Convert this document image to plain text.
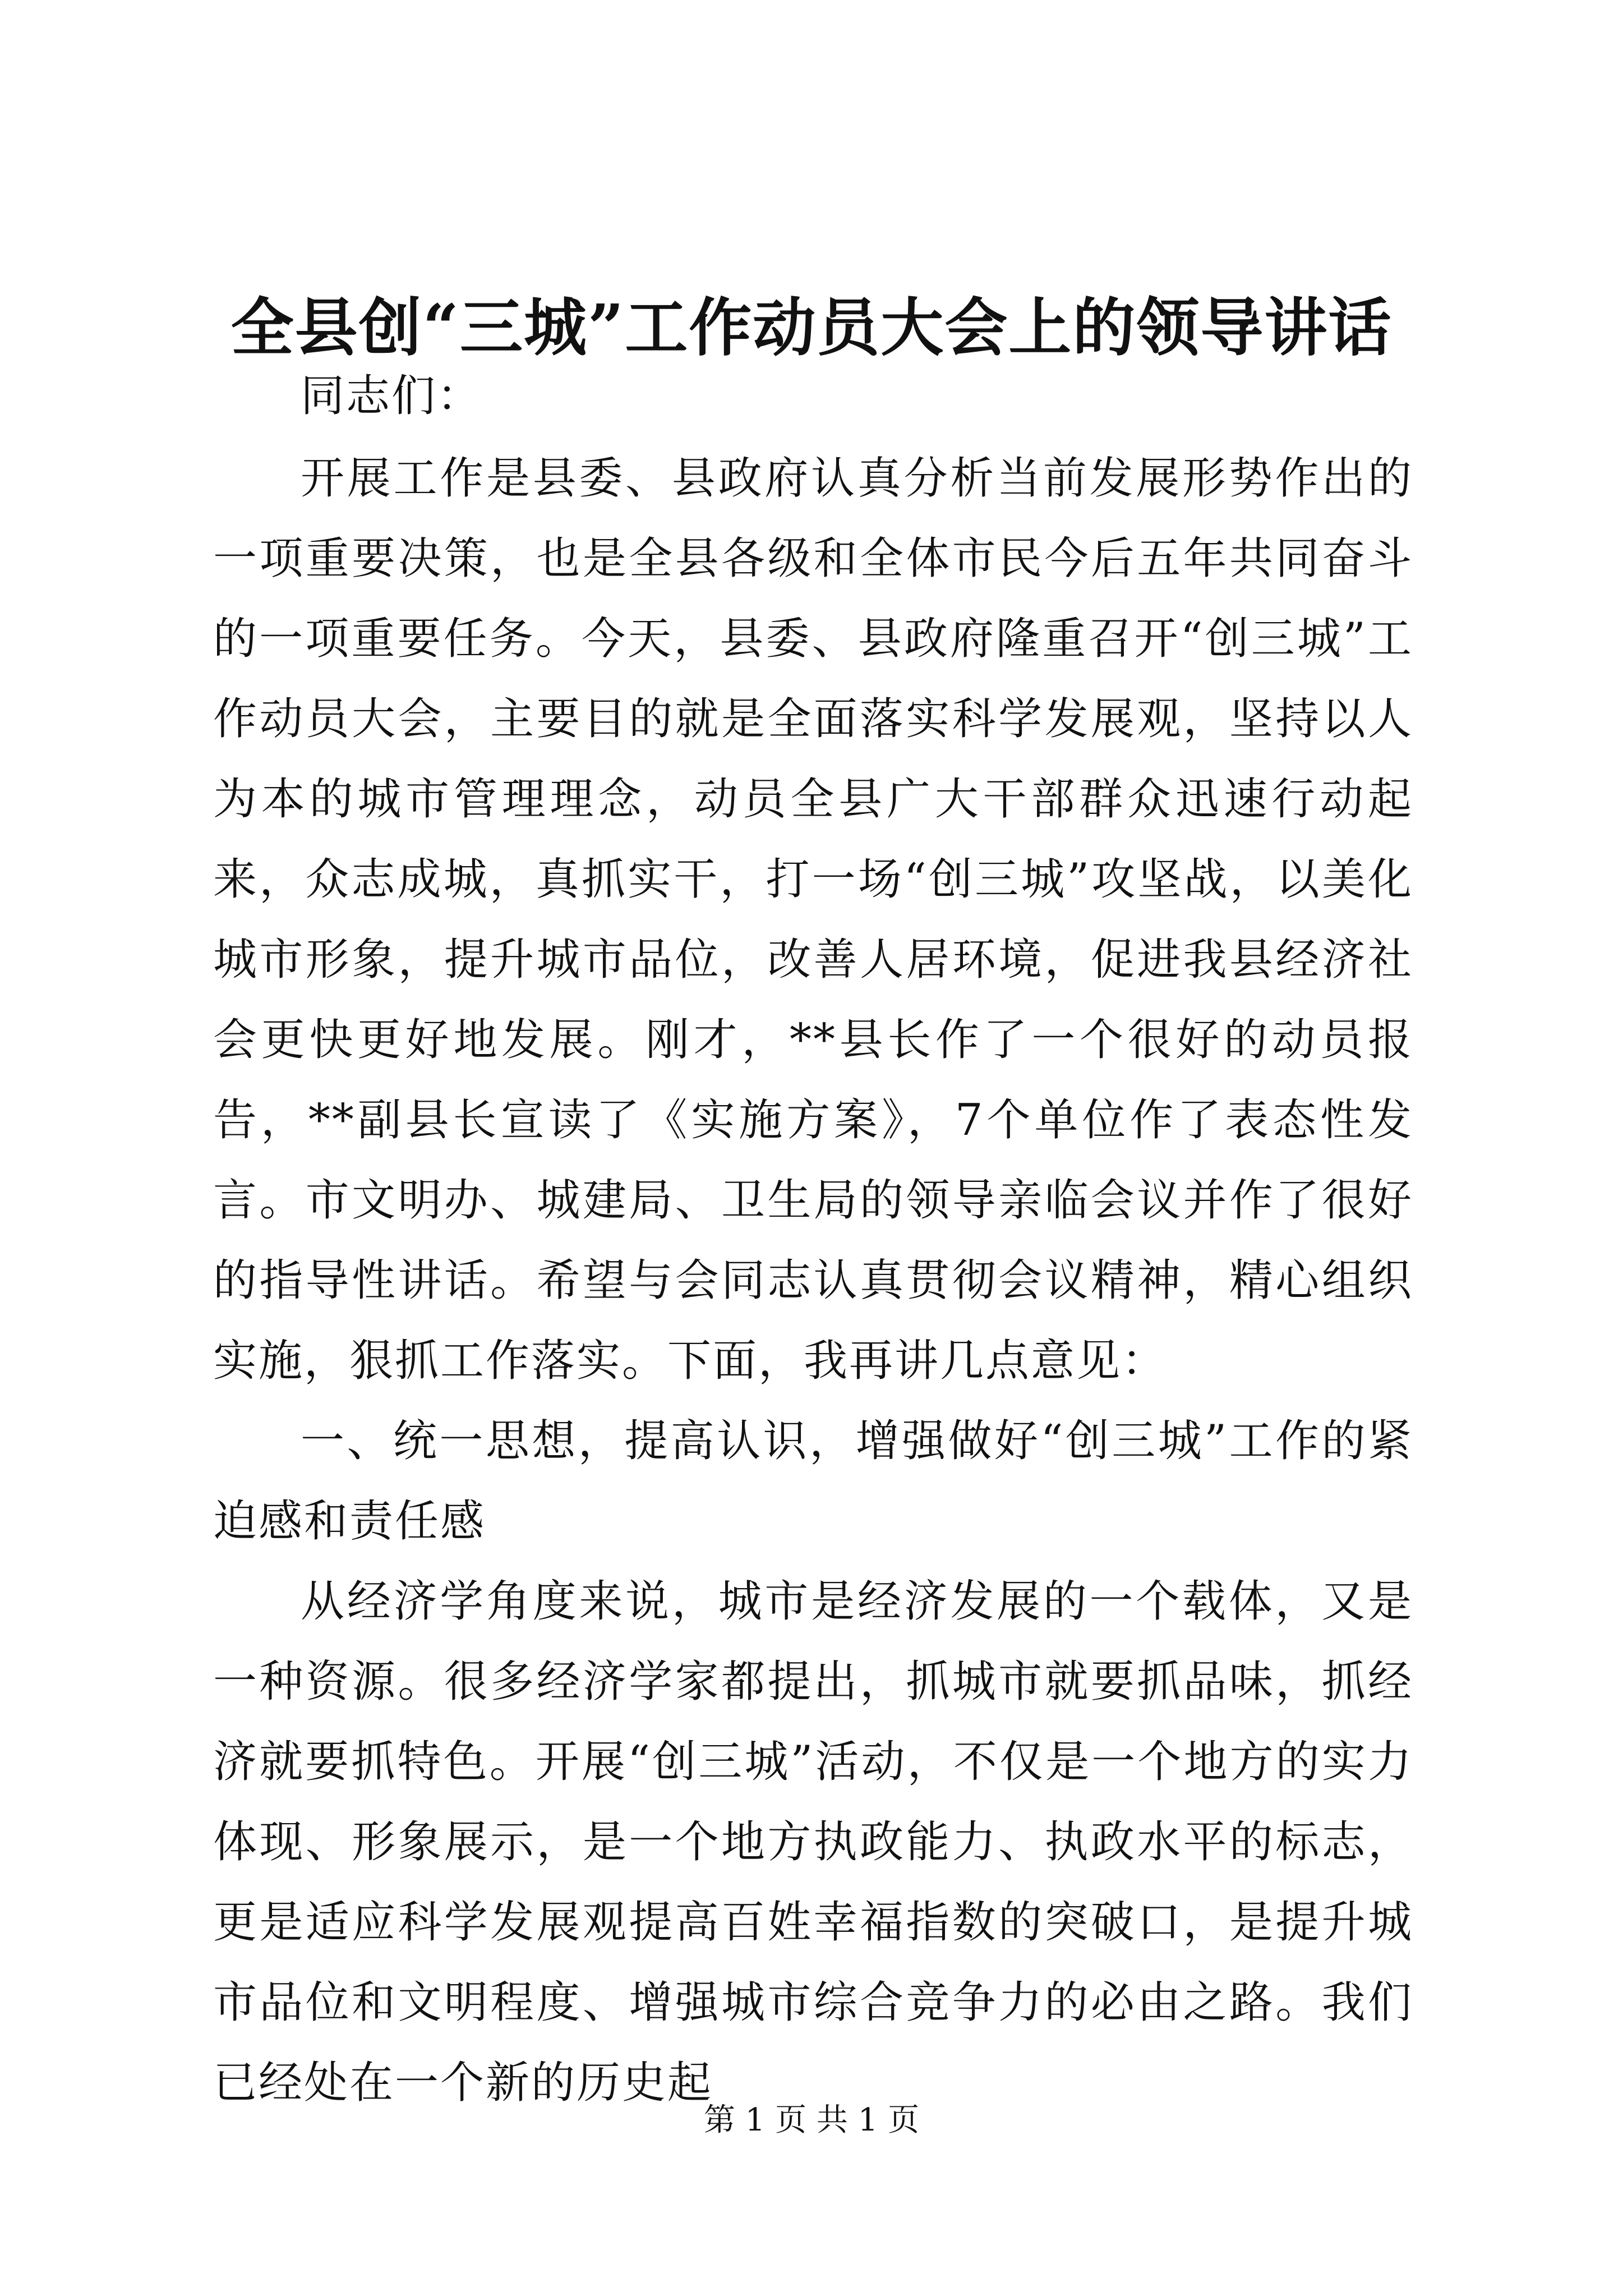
全县创“三城”工作动员大会上的领导讲话

同志们：

开展工作是县委、县政府认真分析当前发展形势作出的一项重要决策，也是全县各级和全体市民今后五年共同奋斗的一项重要任务。今天，县委、县政府隆重召开“创三城”工作动员大会，主要目的就是全面落实科学发展观，坚持以人为本的城市管理理念，动员全县广大干部群众迅速行动起来，众志成城，真抓实干，打一场“创三城”攻坚战，以美化城市形象，提升城市品位，改善人居环境，促进我县经济社会更快更好地发展。刚才，**县长作了一个很好的动员报告，**副县长宣读了《实施方案》，7个单位作了表态性发言。市文明办、城建局、卫生局的领导亲临会议并作了很好的指导性讲话。希望与会同志认真贯彻会议精神，精心组织实施，狠抓工作落实。下面，我再讲几点意见：

一、统一思想，提高认识，增强做好“创三城”工作的紧迫感和责任感

从经济学角度来说，城市是经济发展的一个载体，又是一种资源。很多经济学家都提出，抓城市就要抓品味，抓经济就要抓特色。开展“创三城”活动，不仅是一个地方的实力体现、形象展示，是一个地方执政能力、执政水平的标志，更是适应科学发展观提高百姓幸福指数的突破口，是提升城市品位和文明程度、增强城市综合竞争力的必由之路。我们已经处在一个新的历史起

第 1 页 共 1 页
